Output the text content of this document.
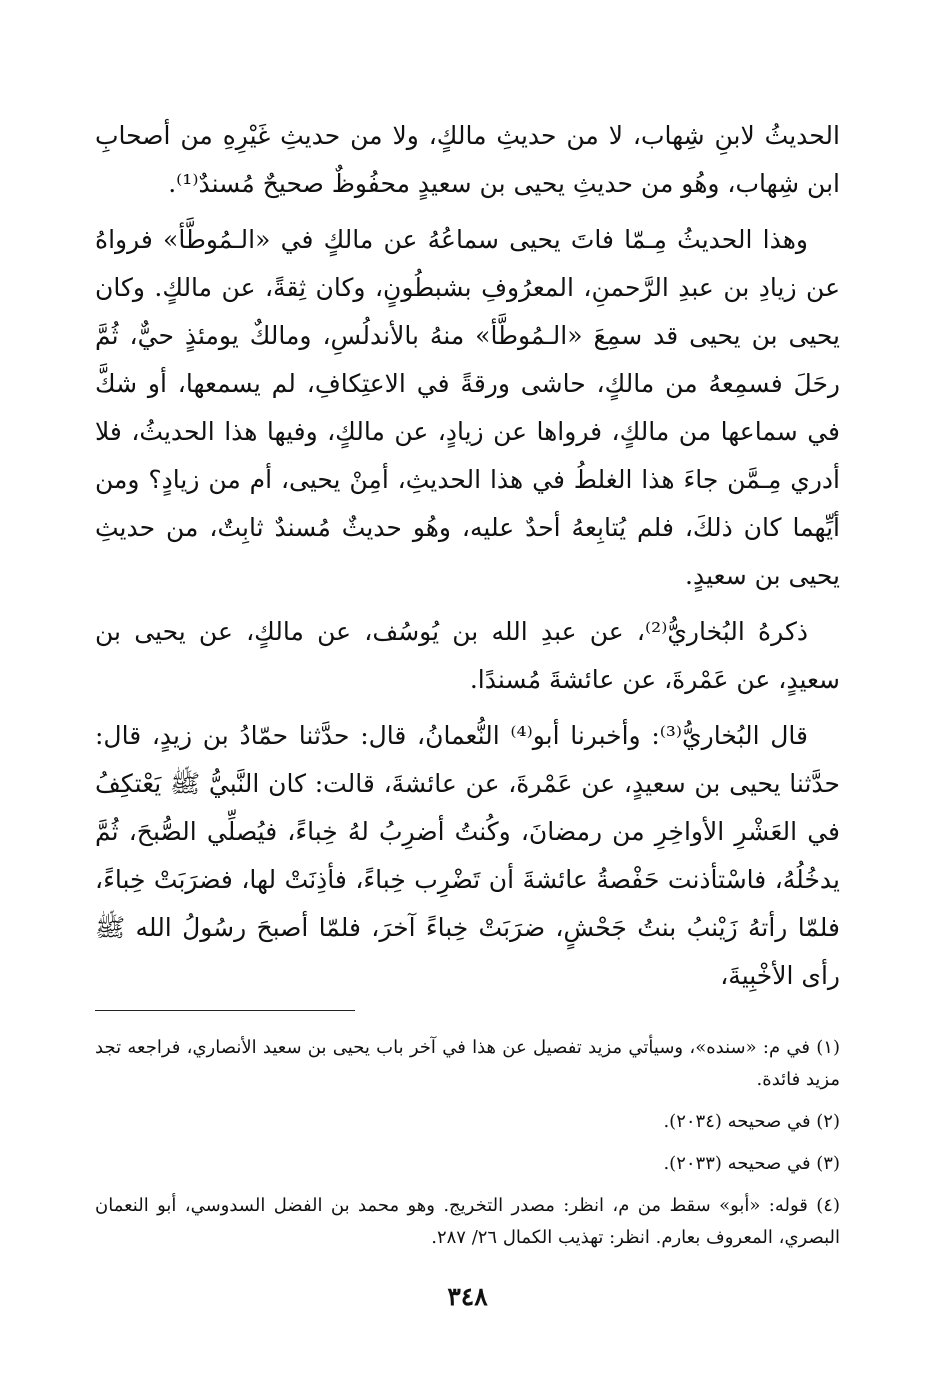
الحديثُ لابنِ شِهاب، لا من حديثِ مالكٍ، ولا من حديثِ غَيْرِهِ من أصحابِ ابن شِهاب، وهُو من حديثِ يحيى بن سعيدٍ محفُوظٌ صحيحٌ مُسندٌ⁽¹⁾.

وهذا الحديثُ مِـمّا فاتَ يحيى سماعُهُ عن مالكٍ في «الـمُوطَّأ» فرواهُ عن زيادِ بن عبدِ الرَّحمنِ، المعرُوفِ بشبطُونٍ، وكان ثِقةً، عن مالكٍ. وكان يحيى بن يحيى قد سمِعَ «الـمُوطَّأ» منهُ بالأندلُسِ، ومالكٌ يومئذٍ حيٌّ، ثُمَّ رحَلَ فسمِعهُ من مالكٍ، حاشى ورقةً في الاعتِكافِ، لم يسمعها، أو شكَّ في سماعها من مالكٍ، فرواها عن زيادٍ، عن مالكٍ، وفيها هذا الحديثُ، فلا أدري مِـمَّن جاءَ هذا الغلطُ في هذا الحديثِ، أمِنْ يحيى، أم من زيادٍ؟ ومن أيِّهما كان ذلكَ، فلم يُتابِعهُ أحدٌ عليه، وهُو حديثٌ مُسندٌ ثابِتٌ، من حديثِ يحيى بن سعيدٍ.

ذكرهُ البُخاريُّ⁽²⁾، عن عبدِ الله بن يُوسُف، عن مالكٍ، عن يحيى بن سعيدٍ، عن عَمْرةَ، عن عائشةَ مُسندًا.

قال البُخاريُّ⁽³⁾: وأخبرنا أبو⁽⁴⁾ النُّعمانُ، قال: حدَّثنا حمّادُ بن زيدٍ، قال: حدَّثنا يحيى بن سعيدٍ، عن عَمْرةَ، عن عائشةَ، قالت: كان النَّبيُّ ﷺ يَعْتكِفُ في العَشْرِ الأواخِرِ من رمضانَ، وكُنتُ أضرِبُ لهُ خِباءً، فيُصلِّي الصُّبحَ، ثُمَّ يدخُلُهُ، فاسْتأذنت حَفْصةُ عائشةَ أن تَضْرِب خِباءً، فأذِنَتْ لها، فضرَبَتْ خِباءً، فلمّا رأتهُ زَيْنبُ بنتُ جَحْشٍ، ضرَبَتْ خِباءً آخرَ، فلمّا أصبحَ رسُولُ الله ﷺ رأى الأخْبِيةَ،

(١) في م: «سنده»، وسيأتي مزيد تفصيل عن هذا في آخر باب يحيى بن سعيد الأنصاري، فراجعه تجد مزيد فائدة.

(٢) في صحيحه (٢٠٣٤).

(٣) في صحيحه (٢٠٣٣).

(٤) قوله: «أبو» سقط من م، انظر: مصدر التخريج. وهو محمد بن الفضل السدوسي، أبو النعمان البصري، المعروف بعارم. انظر: تهذيب الكمال ٢٦/ ٢٨٧.

٣٤٨
